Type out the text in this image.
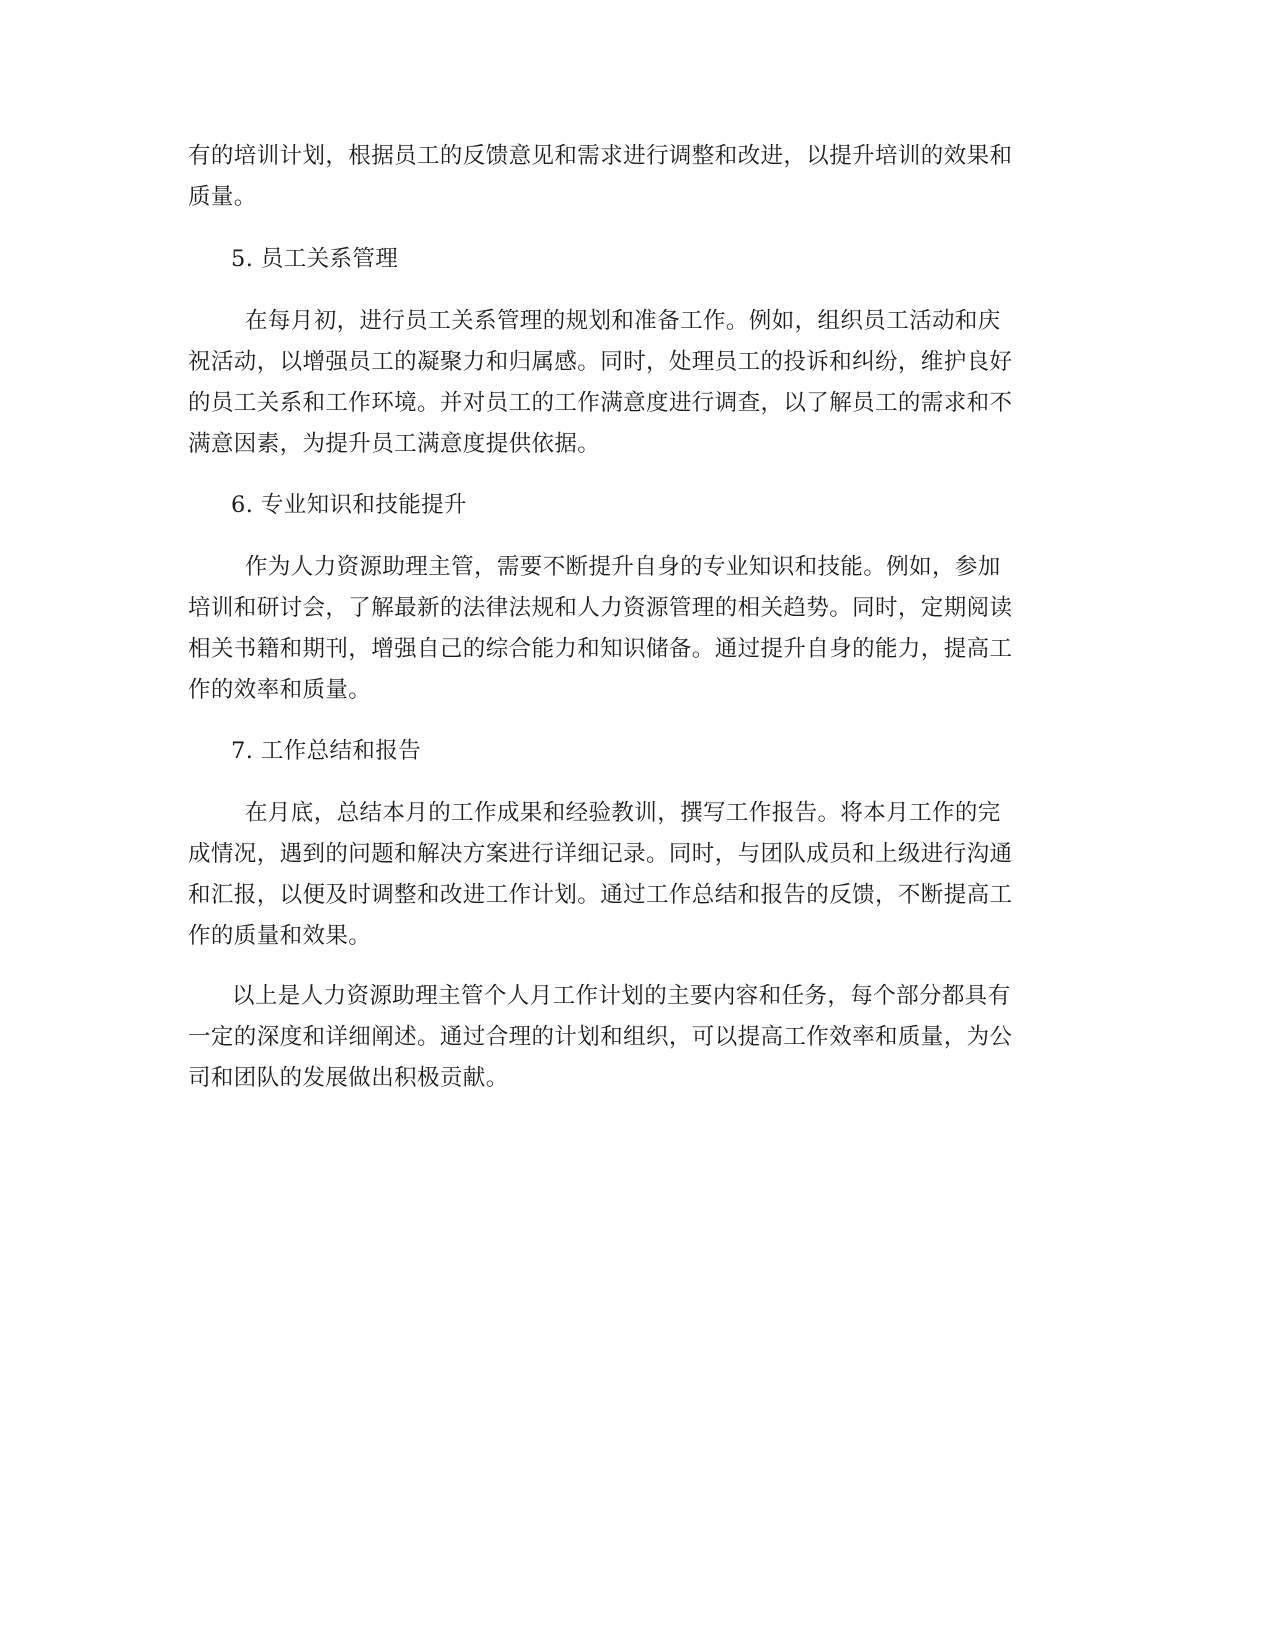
有的培训计划，根据员工的反馈意见和需求进行调整和改进，以提升培训的效果和
质量。

5. 员工关系管理

在每月初，进行员工关系管理的规划和准备工作。例如，组织员工活动和庆
祝活动，以增强员工的凝聚力和归属感。同时，处理员工的投诉和纠纷，维护良好
的员工关系和工作环境。并对员工的工作满意度进行调查，以了解员工的需求和不
满意因素，为提升员工满意度提供依据。

6. 专业知识和技能提升

作为人力资源助理主管，需要不断提升自身的专业知识和技能。例如，参加
培训和研讨会，了解最新的法律法规和人力资源管理的相关趋势。同时，定期阅读
相关书籍和期刊，增强自己的综合能力和知识储备。通过提升自身的能力，提高工
作的效率和质量。

7. 工作总结和报告

在月底，总结本月的工作成果和经验教训，撰写工作报告。将本月工作的完
成情况，遇到的问题和解决方案进行详细记录。同时，与团队成员和上级进行沟通
和汇报，以便及时调整和改进工作计划。通过工作总结和报告的反馈，不断提高工
作的质量和效果。

以上是人力资源助理主管个人月工作计划的主要内容和任务，每个部分都具有
一定的深度和详细阐述。通过合理的计划和组织，可以提高工作效率和质量，为公
司和团队的发展做出积极贡献。
